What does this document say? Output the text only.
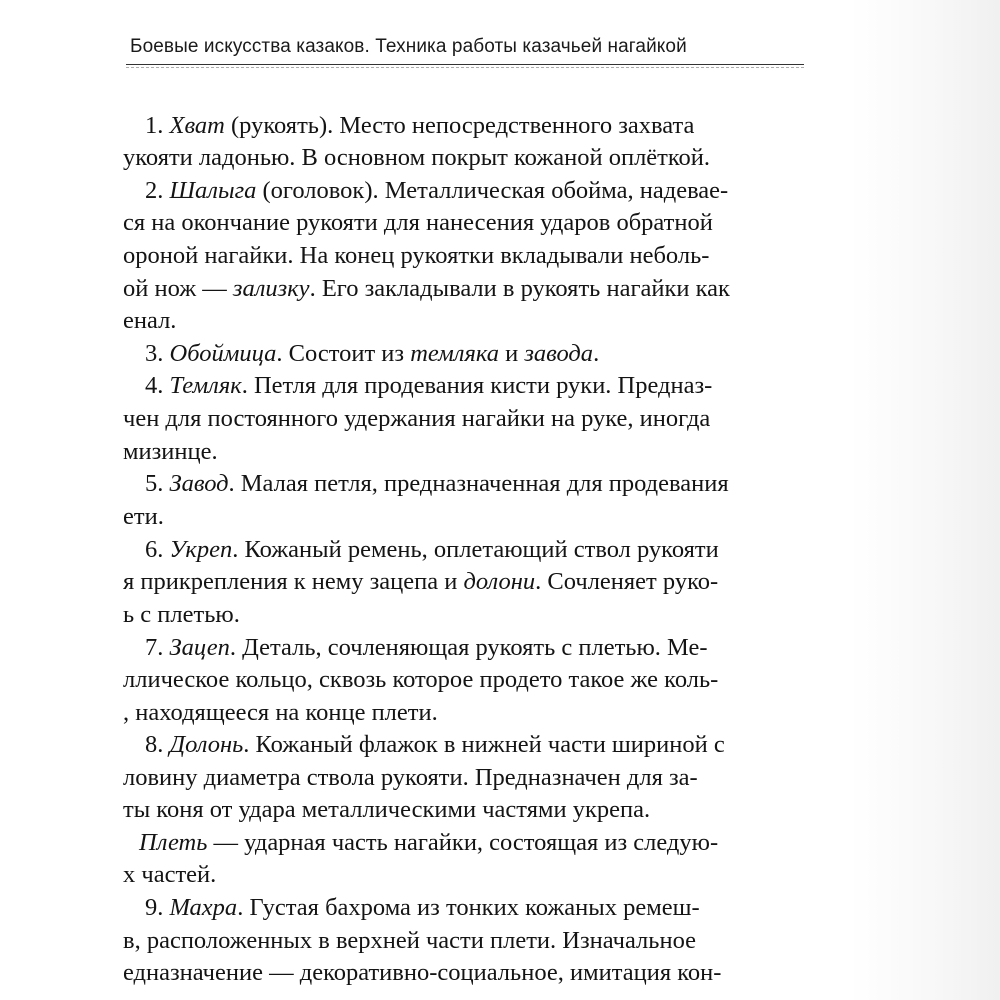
Боевые искусства казаков. Техника работы казачьей нагайкой
1. Хват (рукоять). Место непосредственного захвата
укояти ладонью. В основном покрыт кожаной оплёткой.
2. Шалыга (оголовок). Металлическая обойма, надевае-
ся на окончание рукояти для нанесения ударов обратной
ороной нагайки. На конец рукоятки вкладывали неболь-
ой нож — зализку. Его закладывали в рукоять нагайки как
енал.
3. Обоймица. Состоит из темляка и завода.
4. Темляк. Петля для продевания кисти руки. Предназ-
чен для постоянного удержания нагайки на руке, иногда
мизинце.
5. Завод. Малая петля, предназначенная для продевания
ети.
6. Укреп. Кожаный ремень, оплетающий ствол рукояти
я прикрепления к нему зацепа и долони. Сочленяет руко-
ь с плетью.
7. Зацеп. Деталь, сочленяющая рукоять с плетью. Ме-
ллическое кольцо, сквозь которое продето такое же коль-
, находящееся на конце плети.
8. Долонь. Кожаный флажок в нижней части шириной с
ловину диаметра ствола рукояти. Предназначен для за-
ты коня от удара металлическими частями укрепа.
Плеть — ударная часть нагайки, состоящая из следую-
х частей.
9. Махра. Густая бахрома из тонких кожаных ремеш-
в, расположенных в верхней части плети. Изначальное
едназначение — декоративно-социальное, имитация кон-
